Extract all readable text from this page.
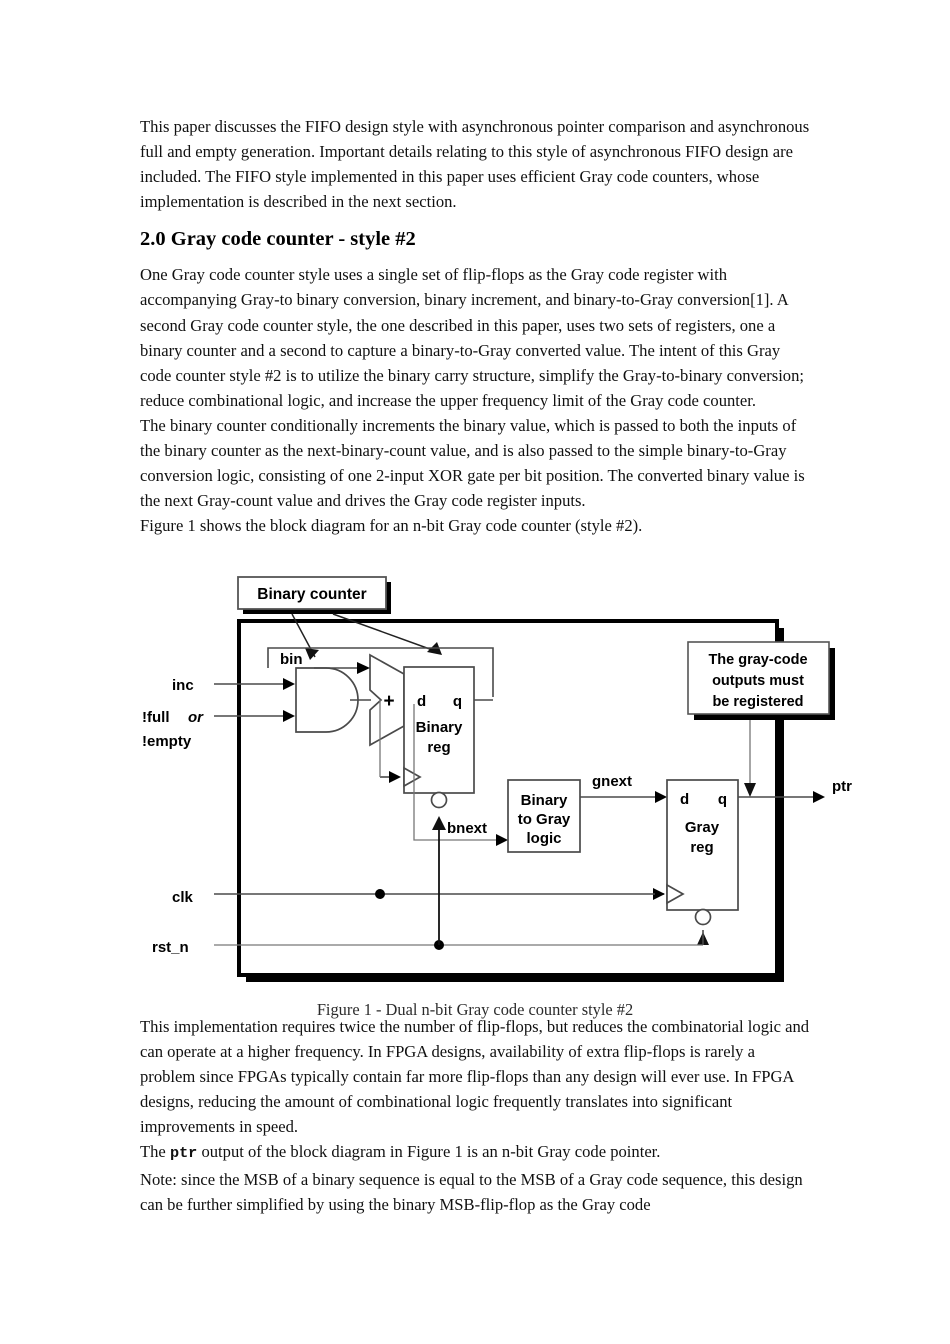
This paper discusses the FIFO design style with asynchronous pointer comparison and asynchronous full and empty generation. Important details relating to this style of asynchronous FIFO design are included. The FIFO style implemented in this paper uses efficient Gray code counters, whose implementation is described in the next section.

2.0 Gray code counter - style #2

One Gray code counter style uses a single set of flip-flops as the Gray code register with accompanying Gray-to binary conversion, binary increment, and binary-to-Gray conversion[1]. A second Gray code counter style, the one described in this paper, uses two sets of registers, one a binary counter and a second to capture a binary-to-Gray converted value. The intent of this Gray code counter style #2 is to utilize the binary carry structure, simplify the Gray-to-binary conversion; reduce combinational logic, and increase the upper frequency limit of the Gray code counter.

The binary counter conditionally increments the binary value, which is passed to both the inputs of the binary counter as the next-binary-count value, and is also passed to the simple binary-to-Gray conversion logic, consisting of one 2-input XOR gate per bit position. The converted binary value is the next Gray-count value and drives the Gray code register inputs.

Figure 1 shows the block diagram for an n-bit Gray code counter (style #2).

Binary counter
The gray-code
outputs must
be registered
inc
!full or
!empty
clk
rst_n
+
bin
d q
Binary
reg
bnext
Binary
to Gray
logic
gnext
d q
Gray
reg
ptr
Figure 1 - Dual n-bit Gray code counter style #2

This implementation requires twice the number of flip-flops, but reduces the combinatorial logic and can operate at a higher frequency. In FPGA designs, availability of extra flip-flops is rarely a problem since FPGAs typically contain far more flip-flops than any design will ever use. In FPGA designs, reducing the amount of combinational logic frequently translates into significant improvements in speed.

The ptr output of the block diagram in Figure 1 is an n-bit Gray code pointer.

Note: since the MSB of a binary sequence is equal to the MSB of a Gray code sequence, this design can be further simplified by using the binary MSB-flip-flop as the Gray code
